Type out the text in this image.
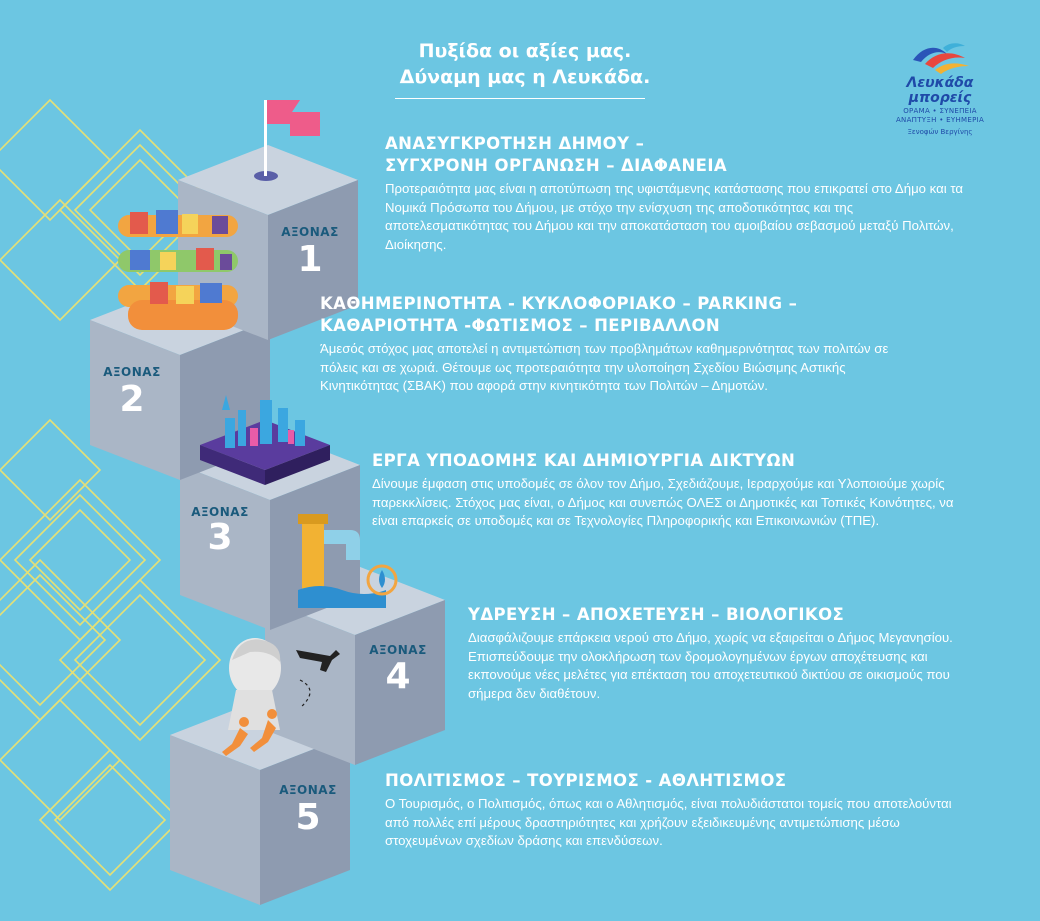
Πυξίδα οι αξίες μας.
Δύναμη μας η Λευκάδα.	Λευκάδα
μπορείς
ΟΡΑΜΑ • ΣΥΝΕΠΕΙΑ
ΑΝΑΠΤΥΞΗ • ΕΥΗΜΕΡΙΑ
Ξενοφών Βεργίνης
ΑΞΟΝΑΣ
1
ΑΞΟΝΑΣ
2
ΑΞΟΝΑΣ
3
ΑΞΟΝΑΣ
4
ΑΞΟΝΑΣ
5
ΑΝΑΣΥΓΚΡΟΤΗΣΗ ΔΗΜΟΥ –
ΣΥΓΧΡΟΝΗ ΟΡΓΑΝΩΣΗ – ΔΙΑΦΑΝΕΙΑ
Προτεραιότητα μας είναι η αποτύπωση της υφιστάμενης κατάστασης που επικρατεί στο Δήμο και τα Νομικά Πρόσωπα του Δήμου, με στόχο την ενίσχυση της αποδοτικότητας και της αποτελεσματικότητας του Δήμου και την αποκατάσταση του αμοιβαίου σεβασμού μεταξύ Πολιτών, Διοίκησης.
ΚΑΘΗΜΕΡΙΝΟΤΗΤΑ - ΚΥΚΛΟΦΟΡΙΑΚΟ – PARKING –
ΚΑΘΑΡΙΟΤΗΤΑ -ΦΩΤΙΣΜΟΣ – ΠΕΡΙΒΑΛΛΟΝ
Άμεσός στόχος μας αποτελεί η αντιμετώπιση των προβλημάτων καθημερινότητας των πολιτών σε πόλεις και σε χωριά. Θέτουμε ως προτεραιότητα την υλοποίηση Σχεδίου Βιώσιμης Αστικής Κινητικότητας (ΣΒΑΚ) που αφορά στην κινητικότητα των Πολιτών – Δημοτών.
ΕΡΓΑ ΥΠΟΔΟΜΗΣ ΚΑΙ ΔΗΜΙΟΥΡΓΙΑ ΔΙΚΤΥΩΝ
Δίνουμε έμφαση στις υποδομές σε όλον τον Δήμο, Σχεδιάζουμε, Ιεραρχούμε και Υλοποιούμε χωρίς παρεκκλίσεις. Στόχος μας είναι, ο Δήμος και συνεπώς ΟΛΕΣ οι Δημοτικές και Τοπικές Κοινότητες, να είναι επαρκείς σε υποδομές και σε Τεχνολογίες Πληροφορικής και Επικοινωνιών (ΤΠΕ).
ΥΔΡΕΥΣΗ – ΑΠΟΧΕΤΕΥΣΗ – ΒΙΟΛΟΓΙΚΟΣ
Διασφάλιζουμε επάρκεια νερού στο Δήμο, χωρίς να εξαιρείται ο Δήμος Μεγανησίου. Επισπεύδουμε την ολοκλήρωση των δρομολογημένων έργων αποχέτευσης και εκπονούμε νέες μελέτες για επέκταση του αποχετευτικού δικτύου σε οικισμούς που σήμερα δεν διαθέτουν.
ΠΟΛΙΤΙΣΜΟΣ – ΤΟΥΡΙΣΜΟΣ - ΑΘΛΗΤΙΣΜΟΣ
Ο Τουρισμός, ο Πολιτισμός, όπως και ο Αθλητισμός, είναι πολυδιάστατοι τομείς που αποτελούνται από πολλές επί μέρους δραστηριότητες και χρήζουν εξειδικευμένης αντιμετώπισης μέσω στοχευμένων σχεδίων δράσης και επενδύσεων.
